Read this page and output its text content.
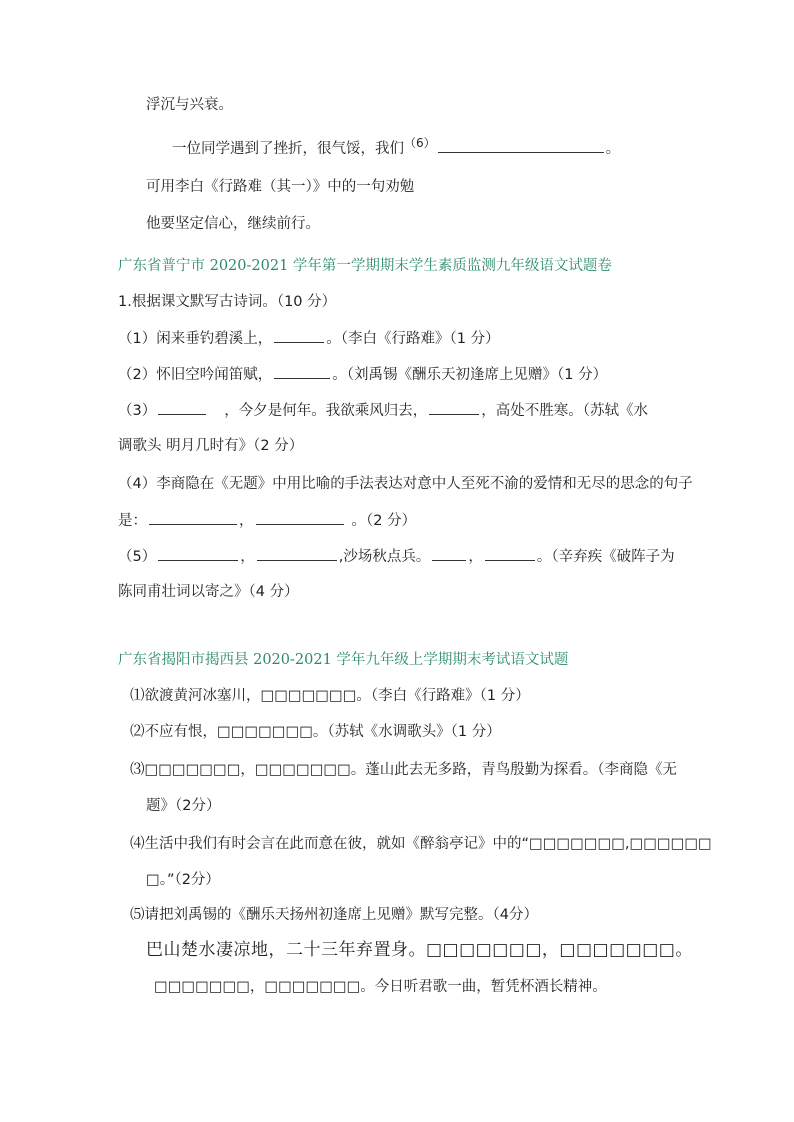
浮沉与兴衰。
一位同学遇到了挫折，很气馁，我们$^{(6)}$	。
可用李白《行路难（其一）》中的一句劝勉
他要坚定信心，继续前行。
广东省普宁市 2020-2021 学年第一学期期末学生素质监测九年级语文试题卷
1.根据课文默写古诗词。（10 分）
（1）闲来垂钓碧溪上，	。（李白《行路难》（1 分）
（2）怀旧空吟闻笛赋，	。（刘禹锡《酬乐天初逢席上见赠》（1 分）
（3）	，今夕是何年。我欲乘风归去，	，高处不胜寒。（苏轼《水
调歌头 明月几时有》（2 分）
（4）李商隐在《无题》中用比喻的手法表达对意中人至死不渝的爱情和无尽的思念的句子
是：	，	。（2 分）
（5）	，	,沙场秋点兵。	，	。（辛弃疾《破阵子为
陈同甫壮词以寄之》（4 分）
广东省揭阳市揭西县 2020-2021 学年九年级上学期期末考试语文试题
⑴欲渡黄河冰塞川，□□□□□□□。（李白《行路难》（1 分）
⑵不应有恨，□□□□□□□。（苏轼《水调歌头》（1 分）
⑶□□□□□□□，□□□□□□□。蓬山此去无多路，青鸟殷勤为探看。（李商隐《无
题》（2分）
⑷生活中我们有时会言在此而意在彼，就如《醉翁亭记》中的“□□□□□□□,□□□□□□
□。”（2分）
⑸请把刘禹锡的《酬乐天扬州初逢席上见赠》默写完整。（4分）
巴山楚水凄凉地，二十三年弃置身。□□□□□□□，□□□□□□□。
□□□□□□□，□□□□□□□。今日听君歌一曲，暂凭杯酒长精神。
